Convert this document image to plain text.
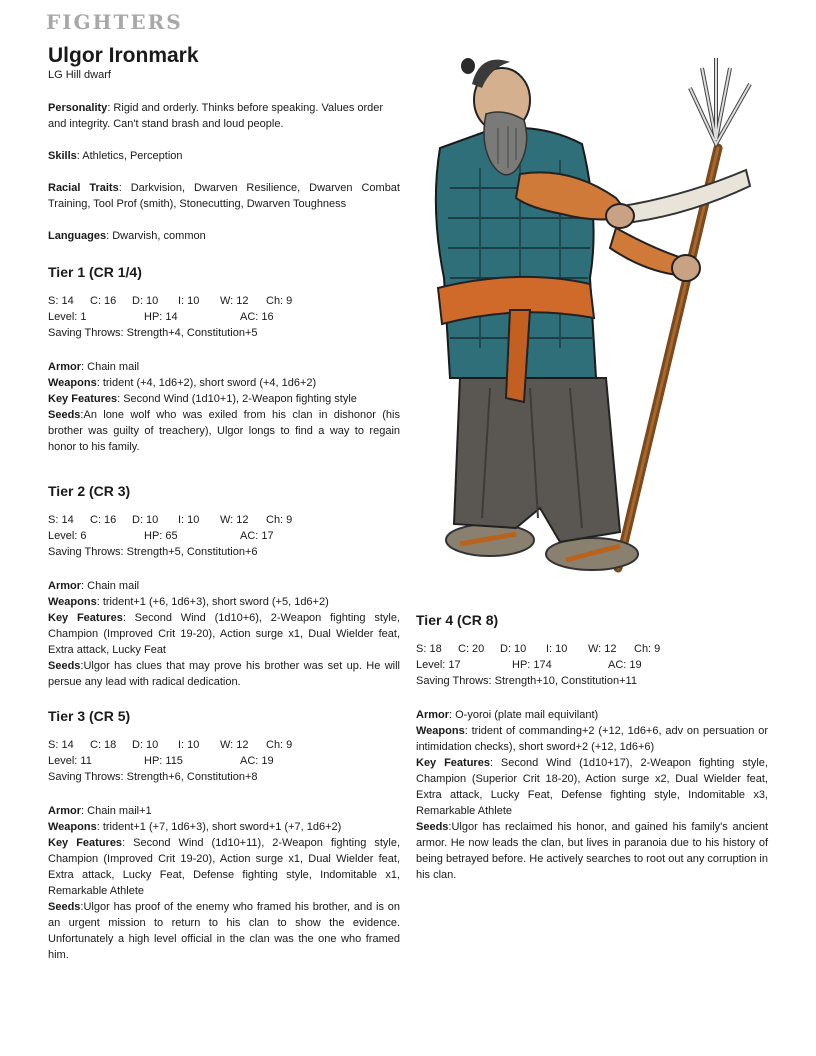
FIGHTERS
Ulgor Ironmark
LG Hill dwarf

Personality: Rigid and orderly. Thinks before speaking. Values order and integrity. Can't stand brash and loud people.

Skills: Athletics, Perception

Racial Traits: Darkvision, Dwarven Resilience, Dwarven Combat Training, Tool Prof (smith), Stonecutting, Dwarven Toughness

Languages: Dwarvish, common

Tier 1 (CR 1/4)
S: 14 C: 16 D: 10 I: 10 W: 12 Ch: 9
Level: 1	HP: 14	AC: 16

Saving Throws: Strength+4, Constitution+5

Armor: Chain mail

Weapons: trident (+4, 1d6+2), short sword (+4, 1d6+2)

Key Features: Second Wind (1d10+1), 2-Weapon fighting style

Seeds:An lone wolf who was exiled from his clan in dishonor (his brother was guilty of treachery), Ulgor longs to find a way to regain honor to his family.

Tier 2 (CR 3)
S: 14 C: 16 D: 10 I: 10 W: 12 Ch: 9
Level: 6	HP: 65	AC: 17

Saving Throws: Strength+5, Constitution+6

Armor: Chain mail

Weapons: trident+1 (+6, 1d6+3), short sword (+5, 1d6+2)

Key Features: Second Wind (1d10+6), 2-Weapon fighting style, Champion (Improved Crit 19-20), Action surge x1, Dual Wielder feat, Extra attack, Lucky Feat

Seeds:Ulgor has clues that may prove his brother was set up. He will persue any lead with radical dedication.

Tier 3 (CR 5)
S: 14 C: 18 D: 10 I: 10 W: 12 Ch: 9
Level: 11	HP: 115	AC: 19

Saving Throws: Strength+6, Constitution+8

Armor: Chain mail+1

Weapons: trident+1 (+7, 1d6+3), short sword+1 (+7, 1d6+2)

Key Features: Second Wind (1d10+11), 2-Weapon fighting style, Champion (Improved Crit 19-20), Action surge x1, Dual Wielder feat, Extra attack, Lucky Feat, Defense fighting style, Indomitable x1, Remarkable Athlete

Seeds:Ulgor has proof of the enemy who framed his brother, and is on an urgent mission to return to his clan to show the evidence. Unfortunately a high level official in the clan was the one who framed him.

Tier 4 (CR 8)
S: 18 C: 20 D: 10 I: 10 W: 12 Ch: 9
Level: 17	HP: 174	AC: 19

Saving Throws: Strength+10, Constitution+11

Armor: O-yoroi (plate mail equivilant)

Weapons: trident of commanding+2 (+12, 1d6+6, adv on persuation or intimidation checks), short sword+2 (+12, 1d6+6)

Key Features: Second Wind (1d10+17), 2-Weapon fighting style, Champion (Superior Crit 18-20), Action surge x2, Dual Wielder feat, Extra attack, Lucky Feat, Defense fighting style, Indomitable x3, Remarkable Athlete

Seeds:Ulgor has reclaimed his honor, and gained his family's ancient armor. He now leads the clan, but lives in paranoia due to his history of being betrayed before. He actively searches to root out any corruption in his clan.
